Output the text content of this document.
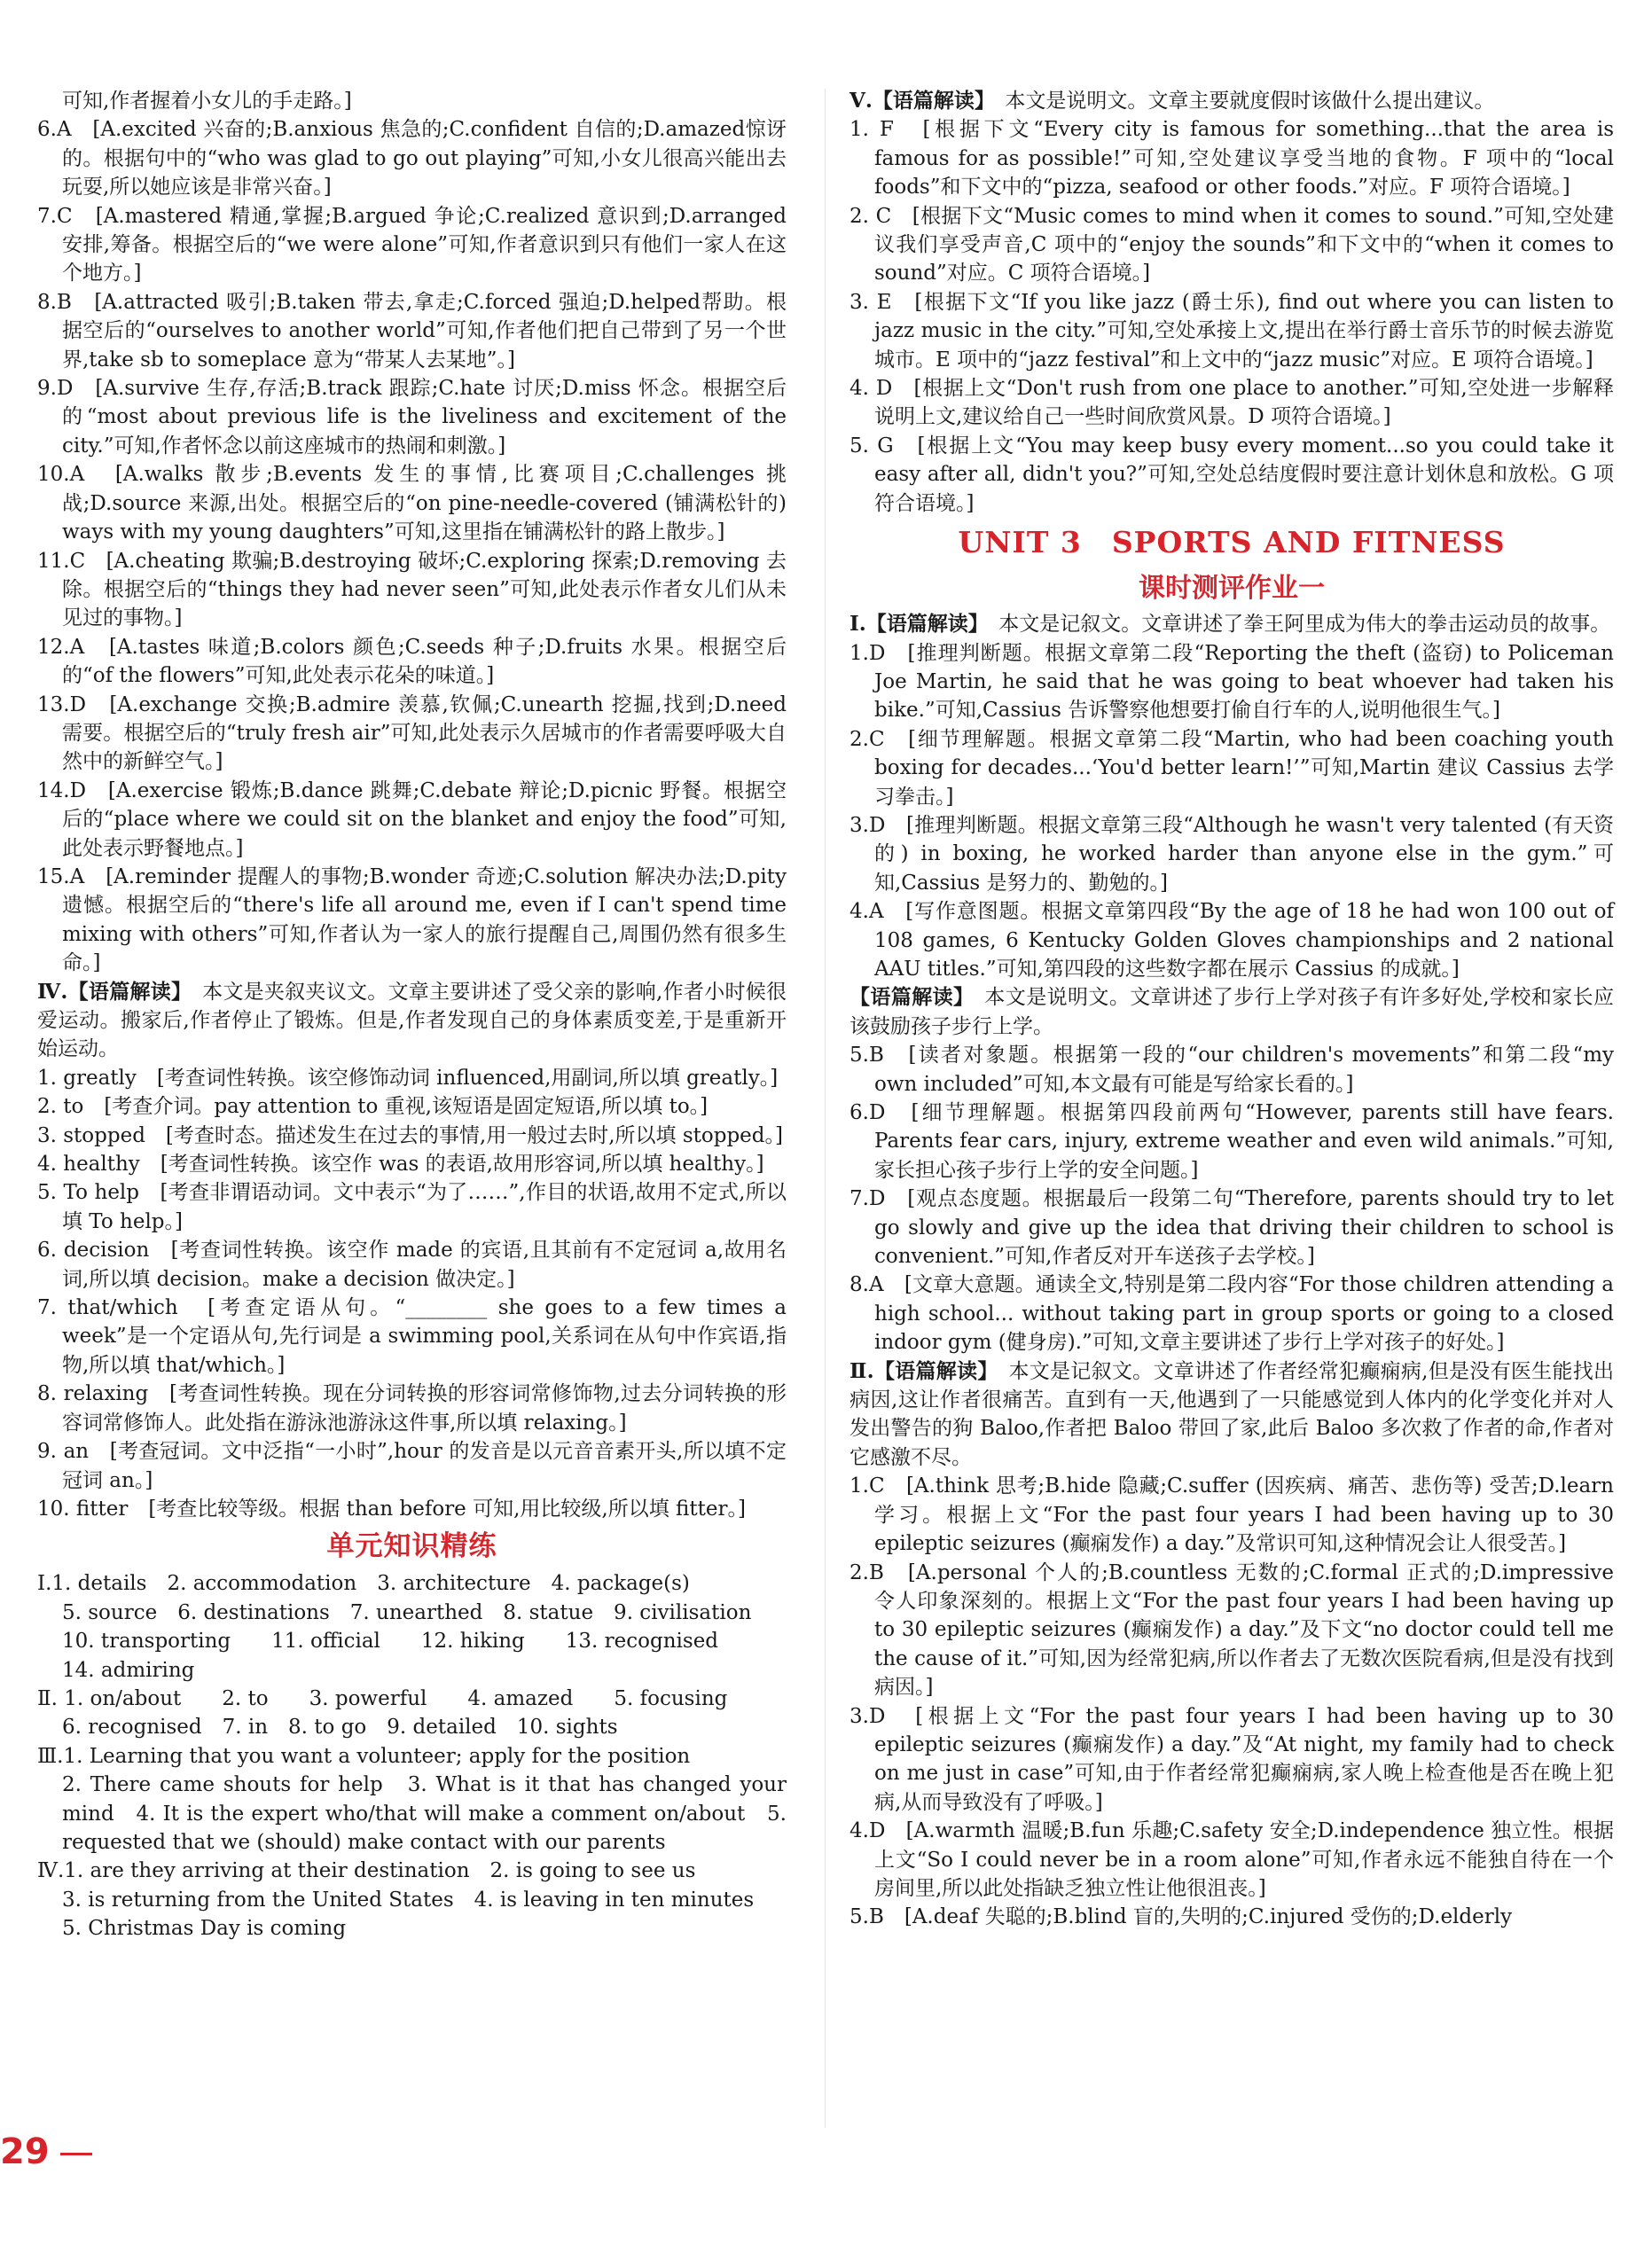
可知,作者握着小女儿的手走路。]

6.A　[A.excited 兴奋的;B.anxious 焦急的;C.confident 自信的;D.amazed惊讶的。根据句中的“who was glad to go out playing”可知,小女儿很高兴能出去玩耍,所以她应该是非常兴奋。]

7.C　[A.mastered 精通,掌握;B.argued 争论;C.realized 意识到;D.arranged 安排,筹备。根据空后的“we were alone”可知,作者意识到只有他们一家人在这个地方。]

8.B　[A.attracted 吸引;B.taken 带去,拿走;C.forced 强迫;D.helped帮助。根据空后的“ourselves to another world”可知,作者他们把自己带到了另一个世界,take sb to someplace 意为“带某人去某地”。]

9.D　[A.survive 生存,存活;B.track 跟踪;C.hate 讨厌;D.miss 怀念。根据空后的“most about previous life is the liveliness and excitement of the city.”可知,作者怀念以前这座城市的热闹和刺激。]

10.A　[A.walks 散步;B.events 发生的事情,比赛项目;C.challenges 挑战;D.source 来源,出处。根据空后的“on pine-needle-covered (铺满松针的) ways with my young daughters”可知,这里指在铺满松针的路上散步。]

11.C　[A.cheating 欺骗;B.destroying 破坏;C.exploring 探索;D.removing 去除。根据空后的“things they had never seen”可知,此处表示作者女儿们从未见过的事物。]

12.A　[A.tastes 味道;B.colors 颜色;C.seeds 种子;D.fruits 水果。根据空后的“of the flowers”可知,此处表示花朵的味道。]

13.D　[A.exchange 交换;B.admire 羡慕,钦佩;C.unearth 挖掘,找到;D.need 需要。根据空后的“truly fresh air”可知,此处表示久居城市的作者需要呼吸大自然中的新鲜空气。]

14.D　[A.exercise 锻炼;B.dance 跳舞;C.debate 辩论;D.picnic 野餐。根据空后的“place where we could sit on the blanket and enjoy the food”可知,此处表示野餐地点。]

15.A　[A.reminder 提醒人的事物;B.wonder 奇迹;C.solution 解决办法;D.pity 遗憾。根据空后的“there's life all around me, even if I can't spend time mixing with others”可知,作者认为一家人的旅行提醒自己,周围仍然有很多生命。]

Ⅳ.【语篇解读】　本文是夹叙夹议文。文章主要讲述了受父亲的影响,作者小时候很爱运动。搬家后,作者停止了锻炼。但是,作者发现自己的身体素质变差,于是重新开始运动。

1. greatly　[考查词性转换。该空修饰动词 influenced,用副词,所以填 greatly。]

2. to　[考查介词。pay attention to 重视,该短语是固定短语,所以填 to。]

3. stopped　[考查时态。描述发生在过去的事情,用一般过去时,所以填 stopped。]

4. healthy　[考查词性转换。该空作 was 的表语,故用形容词,所以填 healthy。]

5. To help　[考查非谓语动词。文中表示“为了……”,作目的状语,故用不定式,所以填 To help。]

6. decision　[考查词性转换。该空作 made 的宾语,且其前有不定冠词 a,故用名词,所以填 decision。make a decision 做决定。]

7. that/which　[考查定语从句。“________ she goes to a few times a week”是一个定语从句,先行词是 a swimming pool,关系词在从句中作宾语,指物,所以填 that/which。]

8. relaxing　[考查词性转换。现在分词转换的形容词常修饰物,过去分词转换的形容词常修饰人。此处指在游泳池游泳这件事,所以填 relaxing。]

9. an　[考查冠词。文中泛指“一小时”,hour 的发音是以元音音素开头,所以填不定冠词 an。]

10. fitter　[考查比较等级。根据 than before 可知,用比较级,所以填 fitter。]

单元知识精练

Ⅰ.1. details　2. accommodation　3. architecture　4. package(s)

5. source　6. destinations　7. unearthed　8. statue　9. civilisation

10. transporting　　11. official　　12. hiking　　13. recognised

14. admiring

Ⅱ. 1. on/about　　2. to　　3. powerful　　4. amazed　　5. focusing

6. recognised　7. in　8. to go　9. detailed　10. sights

Ⅲ.1. Learning that you want a volunteer; apply for the position

2. There came shouts for help　3. What is it that has changed your mind　4. It is the expert who/that will make a comment on/about　5. requested that we (should) make contact with our parents

Ⅳ.1. are they arriving at their destination　2. is going to see us

3. is returning from the United States　4. is leaving in ten minutes

5. Christmas Day is coming

Ⅴ.【语篇解读】　本文是说明文。文章主要就度假时该做什么提出建议。

1. F　[根据下文“Every city is famous for something...that the area is famous for as possible!”可知,空处建议享受当地的食物。F 项中的“local foods”和下文中的“pizza, seafood or other foods.”对应。F 项符合语境。]

2. C　[根据下文“Music comes to mind when it comes to sound.”可知,空处建议我们享受声音,C 项中的“enjoy the sounds”和下文中的“when it comes to sound”对应。C 项符合语境。]

3. E　[根据下文“If you like jazz (爵士乐), find out where you can listen to jazz music in the city.”可知,空处承接上文,提出在举行爵士音乐节的时候去游览城市。E 项中的“jazz festival”和上文中的“jazz music”对应。E 项符合语境。]

4. D　[根据上文“Don't rush from one place to another.”可知,空处进一步解释说明上文,建议给自己一些时间欣赏风景。D 项符合语境。]

5. G　[根据上文“You may keep busy every moment...so you could take it easy after all, didn't you?”可知,空处总结度假时要注意计划休息和放松。G 项符合语境。]

UNIT 3　SPORTS AND FITNESS

课时测评作业一

Ⅰ.【语篇解读】　本文是记叙文。文章讲述了拳王阿里成为伟大的拳击运动员的故事。

1.D　[推理判断题。根据文章第二段“Reporting the theft (盗窃) to Policeman Joe Martin, he said that he was going to beat whoever had taken his bike.”可知,Cassius 告诉警察他想要打偷自行车的人,说明他很生气。]

2.C　[细节理解题。根据文章第二段“Martin, who had been coaching youth boxing for decades...‘You'd better learn!’”可知,Martin 建议 Cassius 去学习拳击。]

3.D　[推理判断题。根据文章第三段“Although he wasn't very talented (有天资的) in boxing, he worked harder than anyone else in the gym.”可知,Cassius 是努力的、勤勉的。]

4.A　[写作意图题。根据文章第四段“By the age of 18 he had won 100 out of 108 games, 6 Kentucky Golden Gloves championships and 2 national AAU titles.”可知,第四段的这些数字都在展示 Cassius 的成就。]

【语篇解读】　本文是说明文。文章讲述了步行上学对孩子有许多好处,学校和家长应该鼓励孩子步行上学。

5.B　[读者对象题。根据第一段的“our children's movements”和第二段“my own included”可知,本文最有可能是写给家长看的。]

6.D　[细节理解题。根据第四段前两句“However, parents still have fears. Parents fear cars, injury, extreme weather and even wild animals.”可知,家长担心孩子步行上学的安全问题。]

7.D　[观点态度题。根据最后一段第二句“Therefore, parents should try to let go slowly and give up the idea that driving their children to school is convenient.”可知,作者反对开车送孩子去学校。]

8.A　[文章大意题。通读全文,特别是第二段内容“For those children attending a high school... without taking part in group sports or going to a closed indoor gym (健身房).”可知,文章主要讲述了步行上学对孩子的好处。]

Ⅱ.【语篇解读】　本文是记叙文。文章讲述了作者经常犯癫痫病,但是没有医生能找出病因,这让作者很痛苦。直到有一天,他遇到了一只能感觉到人体内的化学变化并对人发出警告的狗 Baloo,作者把 Baloo 带回了家,此后 Baloo 多次救了作者的命,作者对它感激不尽。

1.C　[A.think 思考;B.hide 隐藏;C.suffer (因疾病、痛苦、悲伤等) 受苦;D.learn 学习。根据上文“For the past four years I had been having up to 30 epileptic seizures (癫痫发作) a day.”及常识可知,这种情况会让人很受苦。]

2.B　[A.personal 个人的;B.countless 无数的;C.formal 正式的;D.impressive 令人印象深刻的。根据上文“For the past four years I had been having up to 30 epileptic seizures (癫痫发作) a day.”及下文“no doctor could tell me the cause of it.”可知,因为经常犯病,所以作者去了无数次医院看病,但是没有找到病因。]

3.D　[根据上文“For the past four years I had been having up to 30 epileptic seizures (癫痫发作) a day.”及“At night, my family had to check on me just in case”可知,由于作者经常犯癫痫病,家人晚上检查他是否在晚上犯病,从而导致没有了呼吸。]

4.D　[A.warmth 温暖;B.fun 乐趣;C.safety 安全;D.independence 独立性。根据上文“So I could never be in a room alone”可知,作者永远不能独自待在一个房间里,所以此处指缺乏独立性让他很沮丧。]

5.B　[A.deaf 失聪的;B.blind 盲的,失明的;C.injured 受伤的;D.elderly

29
